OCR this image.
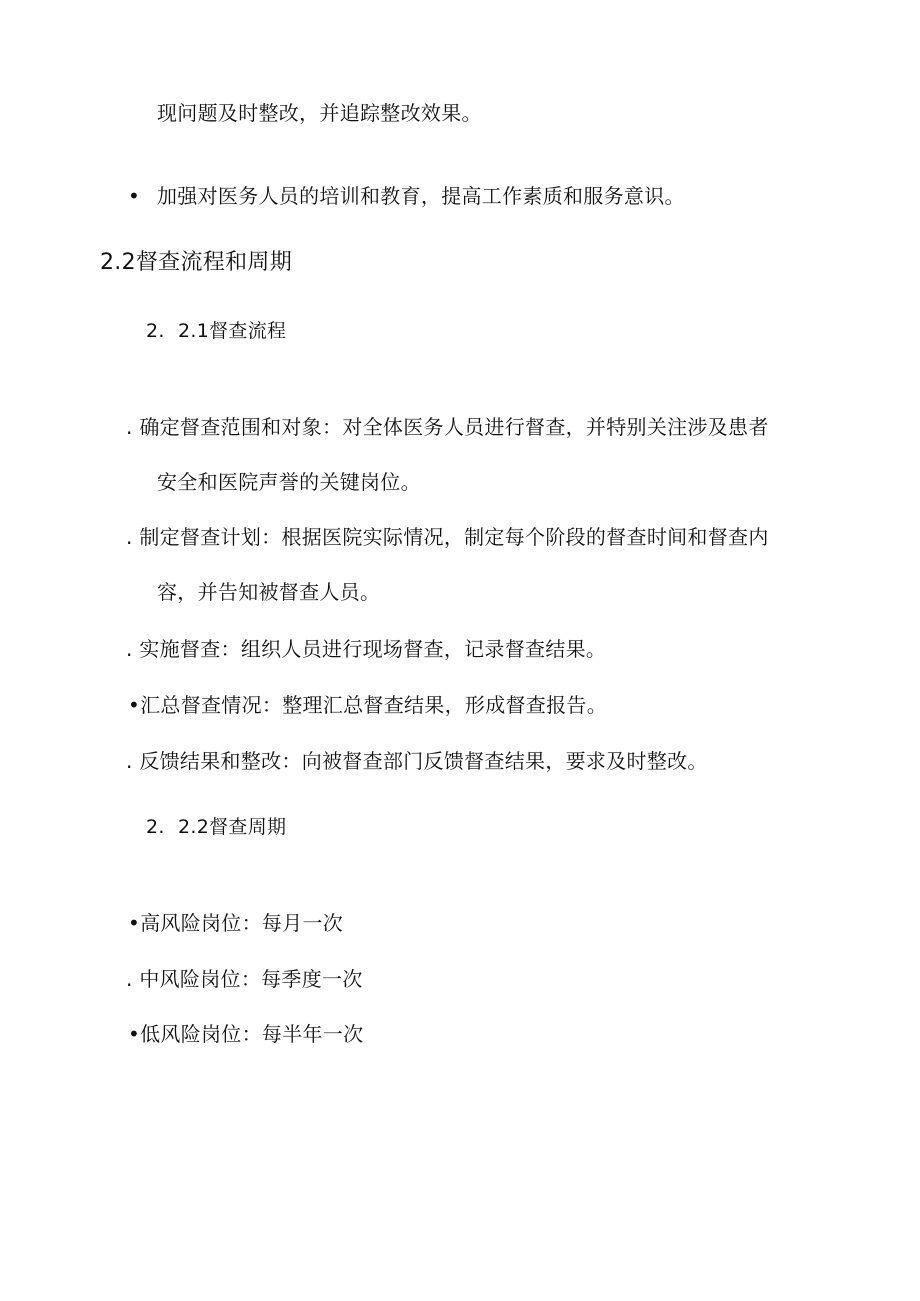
现问题及时整改，并追踪整改效果。
• 加强对医务人员的培训和教育，提高工作素质和服务意识。
2.2督查流程和周期
2. 2.1督查流程
. 确定督查范围和对象：对全体医务人员进行督查，并特别关注涉及患者
安全和医院声誉的关键岗位。
. 制定督查计划：根据医院实际情况，制定每个阶段的督查时间和督查内
容，并告知被督查人员。
. 实施督查：组织人员进行现场督查，记录督查结果。
•汇总督查情况：整理汇总督查结果，形成督查报告。
. 反馈结果和整改：向被督查部门反馈督查结果，要求及时整改。
2. 2.2督查周期
•高风险岗位：每月一次
. 中风险岗位：每季度一次
•低风险岗位：每半年一次
